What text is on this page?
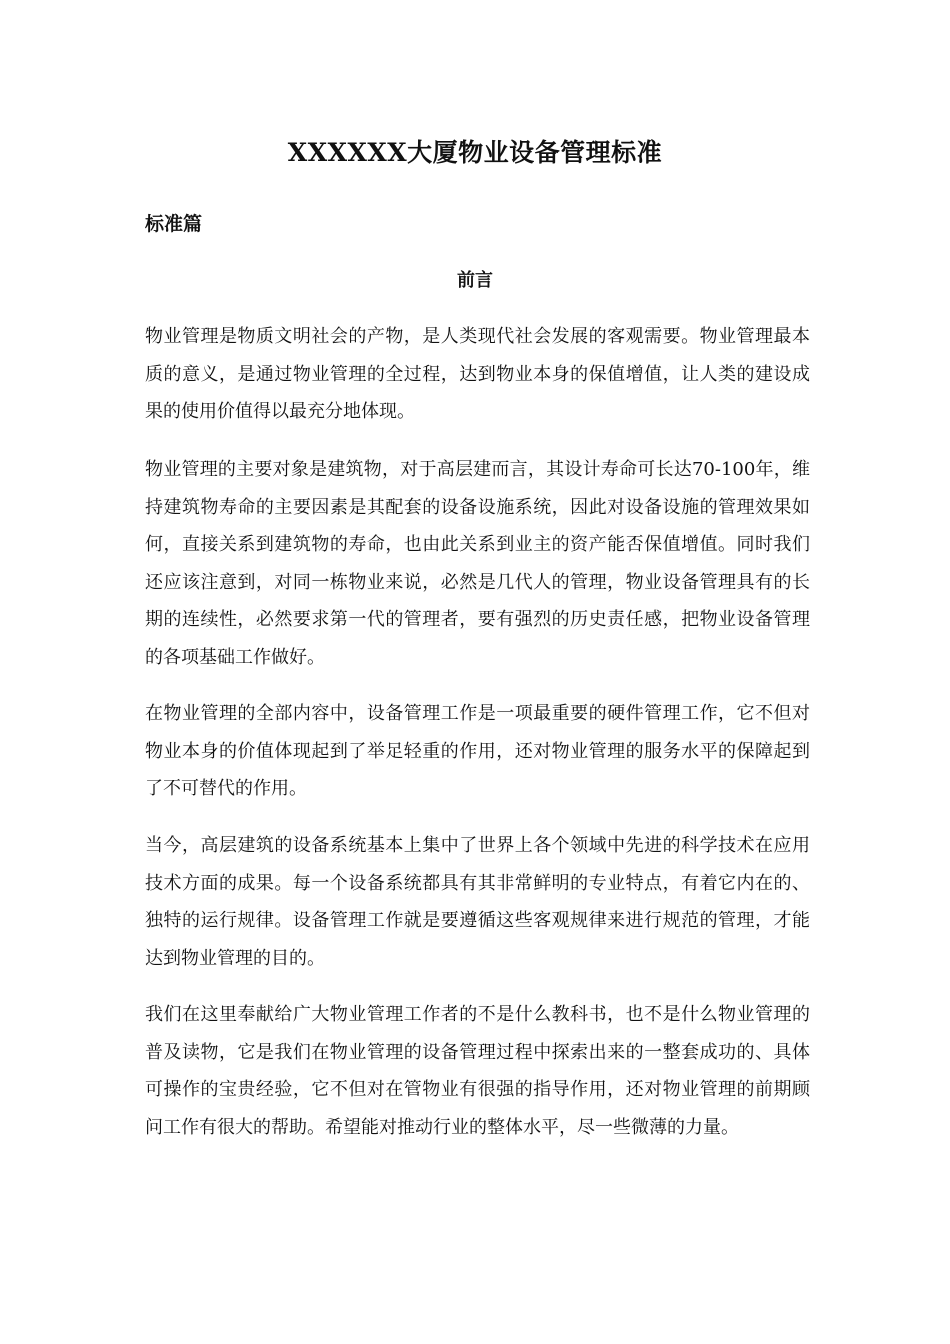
XXXXXX大厦物业设备管理标准
标准篇
前言

物业管理是物质文明社会的产物，是人类现代社会发展的客观需要。物业管理最本质的意义，是通过物业管理的全过程，达到物业本身的保值增值，让人类的建设成果的使用价值得以最充分地体现。

物业管理的主要对象是建筑物，对于高层建而言，其设计寿命可长达70-100年，维持建筑物寿命的主要因素是其配套的设备设施系统，因此对设备设施的管理效果如何，直接关系到建筑物的寿命，也由此关系到业主的资产能否保值增值。同时我们还应该注意到，对同一栋物业来说，必然是几代人的管理，物业设备管理具有的长期的连续性，必然要求第一代的管理者，要有强烈的历史责任感，把物业设备管理的各项基础工作做好。

在物业管理的全部内容中，设备管理工作是一项最重要的硬件管理工作，它不但对物业本身的价值体现起到了举足轻重的作用，还对物业管理的服务水平的保障起到了不可替代的作用。

当今，高层建筑的设备系统基本上集中了世界上各个领域中先进的科学技术在应用技术方面的成果。每一个设备系统都具有其非常鲜明的专业特点，有着它内在的、独特的运行规律。设备管理工作就是要遵循这些客观规律来进行规范的管理，才能达到物业管理的目的。

我们在这里奉献给广大物业管理工作者的不是什么教科书，也不是什么物业管理的普及读物，它是我们在物业管理的设备管理过程中探索出来的一整套成功的、具体可操作的宝贵经验，它不但对在管物业有很强的指导作用，还对物业管理的前期顾问工作有很大的帮助。希望能对推动行业的整体水平，尽一些微薄的力量。
